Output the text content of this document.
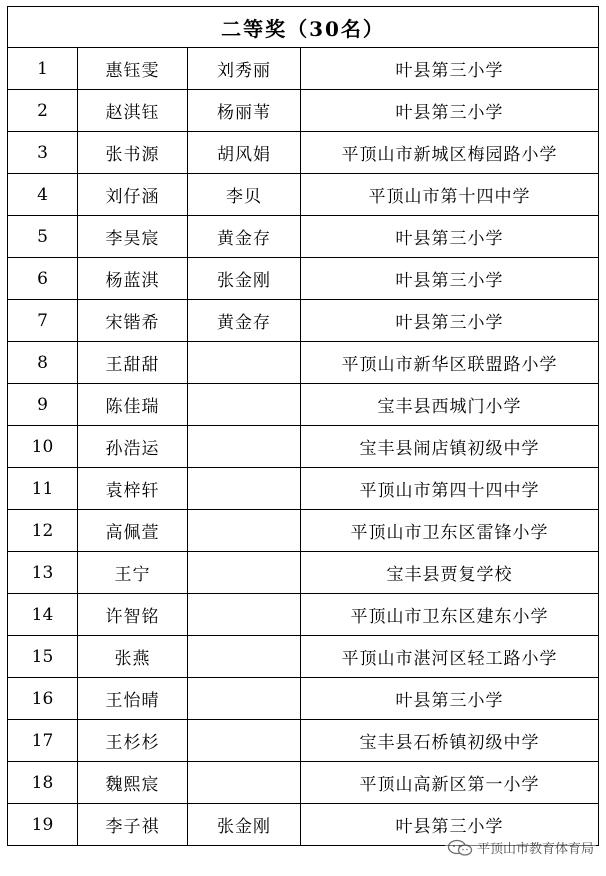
二等奖（30名）			
1	惠钰雯	刘秀丽	叶县第三小学
2	赵淇钰	杨丽苇	叶县第三小学
3	张书源	胡风娟	平顶山市新城区梅园路小学
4	刘仔涵	李贝	平顶山市第十四中学
5	李昊宸	黄金存	叶县第三小学
6	杨蓝淇	张金刚	叶县第三小学
7	宋锴希	黄金存	叶县第三小学
8	王甜甜		平顶山市新华区联盟路小学
9	陈佳瑞		宝丰县西城门小学
10	孙浩运		宝丰县闹店镇初级中学
11	袁梓轩		平顶山市第四十四中学
12	高佩萱		平顶山市卫东区雷锋小学
13	王宁		宝丰县贾复学校
14	许智铭		平顶山市卫东区建东小学
15	张燕		平顶山市湛河区轻工路小学
16	王怡晴		叶县第三小学
17	王杉杉		宝丰县石桥镇初级中学
18	魏熙宸		平顶山高新区第一小学
19	李子祺	张金刚	叶县第三小学
平顶山市教育体育局
